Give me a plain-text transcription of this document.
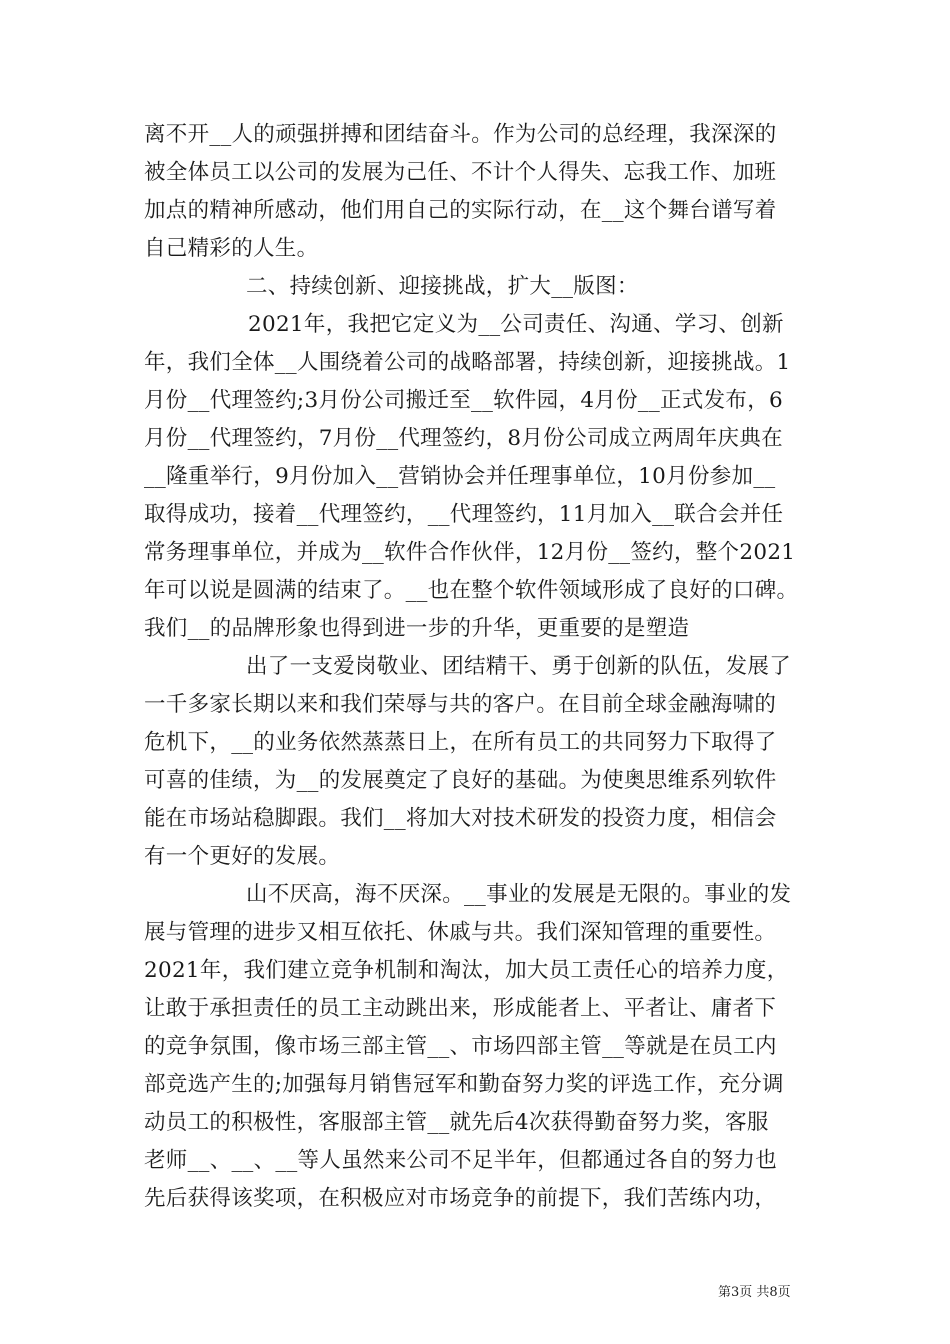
离不开__人的顽强拼搏和团结奋斗。作为公司的总经理，我深深的
被全体员工以公司的发展为己任、不计个人得失、忘我工作、加班
加点的精神所感动，他们用自己的实际行动，在__这个舞台谱写着
自己精彩的人生。
二、持续创新、迎接挑战，扩大__版图：
2021年，我把它定义为__公司责任、沟通、学习、创新
年，我们全体__人围绕着公司的战略部署，持续创新，迎接挑战。1
月份__代理签约;3月份公司搬迁至__软件园，4月份__正式发布，6
月份__代理签约，7月份__代理签约，8月份公司成立两周年庆典在
__隆重举行，9月份加入__营销协会并任理事单位，10月份参加__
取得成功，接着__代理签约，__代理签约，11月加入__联合会并任
常务理事单位，并成为__软件合作伙伴，12月份__签约，整个2021
年可以说是圆满的结束了。__也在整个软件领域形成了良好的口碑。
我们__的品牌形象也得到进一步的升华，更重要的是塑造
出了一支爱岗敬业、团结精干、勇于创新的队伍，发展了
一千多家长期以来和我们荣辱与共的客户。在目前全球金融海啸的
危机下，__的业务依然蒸蒸日上，在所有员工的共同努力下取得了
可喜的佳绩，为__的发展奠定了良好的基础。为使奥思维系列软件
能在市场站稳脚跟。我们__将加大对技术研发的投资力度，相信会
有一个更好的发展。
山不厌高，海不厌深。__事业的发展是无限的。事业的发
展与管理的进步又相互依托、休戚与共。我们深知管理的重要性。
2021年，我们建立竞争机制和淘汰，加大员工责任心的培养力度，
让敢于承担责任的员工主动跳出来，形成能者上、平者让、庸者下
的竞争氛围，像市场三部主管__、市场四部主管__等就是在员工内
部竞选产生的;加强每月销售冠军和勤奋努力奖的评选工作，充分调
动员工的积极性，客服部主管__就先后4次获得勤奋努力奖，客服
老师__、__、__等人虽然来公司不足半年，但都通过各自的努力也
先后获得该奖项，在积极应对市场竞争的前提下，我们苦练内功，
第3页 共8页
